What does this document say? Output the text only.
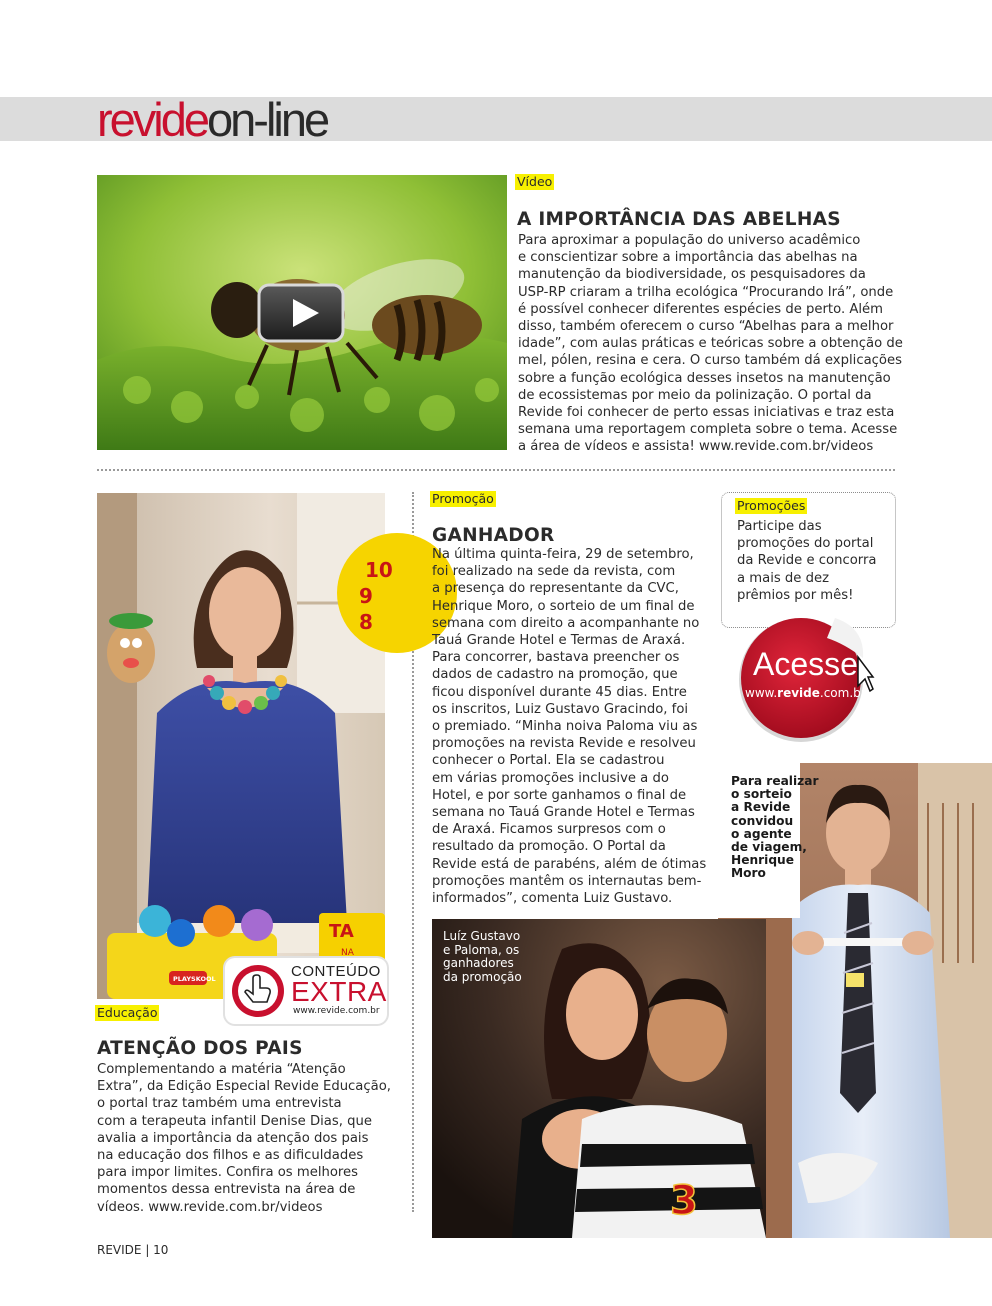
revideon-line
Vídeo
A IMPORTÂNCIA DAS ABELHAS
Para aproximar a população do universo acadêmico
e conscientizar sobre a importância das abelhas na
manutenção da biodiversidade, os pesquisadores da
USP-RP criaram a trilha ecológica “Procurando Irá”, onde
é possível conhecer diferentes espécies de perto. Além
disso, também oferecem o curso “Abelhas para a melhor
idade”, com aulas práticas e teóricas sobre a obtenção de
mel, pólen, resina e cera. O curso também dá explicações
sobre a função ecológica desses insetos na manutenção
de ecossistemas por meio da polinização. O portal da
Revide foi conhecer de perto essas iniciativas e traz esta
semana uma reportagem completa sobre o tema. Acesse
a área de vídeos e assista! www.revide.com.br/videos
10
9
8
PLAYSKOOL
TA
NA
CONTEÚDO
EXTRA
www.revide.com.br
Educação
ATENÇÃO DOS PAIS
Complementando a matéria “Atenção
Extra”, da Edição Especial Revide Educação,
o portal traz também uma entrevista
com a terapeuta infantil Denise Dias, que
avalia a importância da atenção dos pais
na educação dos filhos e as dificuldades
para impor limites. Confira os melhores
momentos dessa entrevista na área de
vídeos. www.revide.com.br/videos
Promoção
GANHADOR
Na última quinta-feira, 29 de setembro,
foi realizado na sede da revista, com
a presença do representante da CVC,
Henrique Moro, o sorteio de um final de
semana com direito a acompanhante no
Tauá Grande Hotel e Termas de Araxá.
Para concorrer, bastava preencher os
dados de cadastro na promoção, que
ficou disponível durante 45 dias. Entre
os inscritos, Luiz Gustavo Gracindo, foi
o premiado. “Minha noiva Paloma viu as
promoções na revista Revide e resolveu
conhecer o Portal. Ela se cadastrou
em várias promoções inclusive a do
Hotel, e por sorte ganhamos o final de
semana no Tauá Grande Hotel e Termas
de Araxá. Ficamos surpresos com o
resultado da promoção. O Portal da
Revide está de parabéns, além de ótimas
promoções mantêm os internautas bem-
informados”, comenta Luiz Gustavo.
Promoções
Participe das
promoções do portal
da Revide e concorra
a mais de dez
prêmios por mês!
Acesse
www.revide.com.br
Para realizar
o sorteio
a Revide
convidou
o agente
de viagem,
Henrique
Moro
3
Luíz Gustavo
e Paloma, os
ganhadores
da promoção
REVIDE | 10
